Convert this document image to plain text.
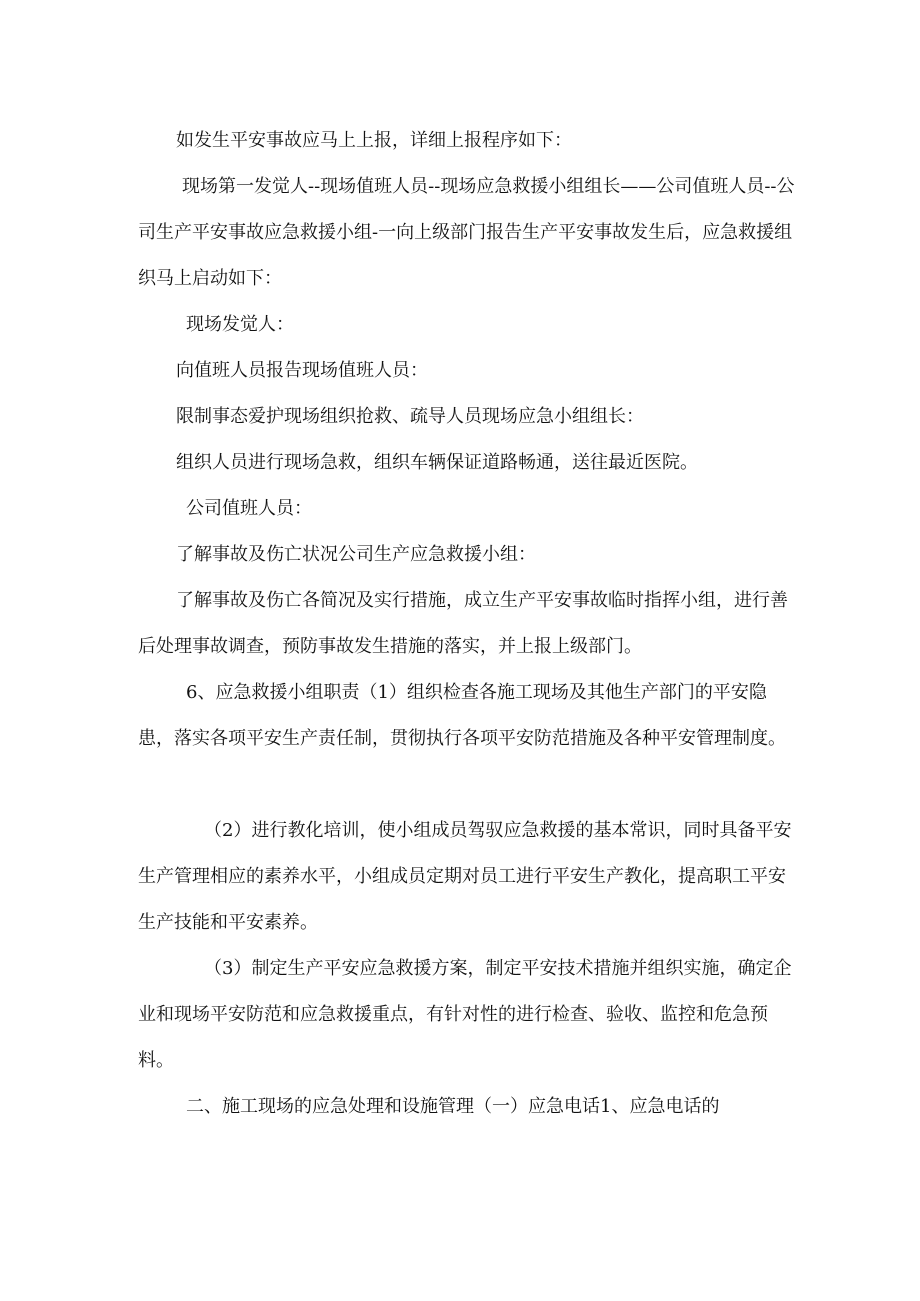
如发生平安事故应马上上报，详细上报程序如下：

现场第一发觉人--现场值班人员--现场应急救援小组组长——公司值班人员--公司生产平安事故应急救援小组-一向上级部门报告生产平安事故发生后，应急救援组织马上启动如下：

现场发觉人：

向值班人员报告现场值班人员：

限制事态爱护现场组织抢救、疏导人员现场应急小组组长：

组织人员进行现场急救，组织车辆保证道路畅通，送往最近医院。

公司值班人员：

了解事故及伤亡状况公司生产应急救援小组：

了解事故及伤亡各简况及实行措施，成立生产平安事故临时指挥小组，进行善后处理事故调查，预防事故发生措施的落实，并上报上级部门。

6、应急救援小组职责（1）组织检查各施工现场及其他生产部门的平安隐患，落实各项平安生产责任制，贯彻执行各项平安防范措施及各种平安管理制度。

（2）进行教化培训，使小组成员驾驭应急救援的基本常识，同时具备平安生产管理相应的素养水平，小组成员定期对员工进行平安生产教化，提高职工平安生产技能和平安素养。

（3）制定生产平安应急救援方案，制定平安技术措施并组织实施，确定企业和现场平安防范和应急救援重点，有针对性的进行检查、验收、监控和危急预料。

二、施工现场的应急处理和设施管理（一）应急电话1、应急电话的
